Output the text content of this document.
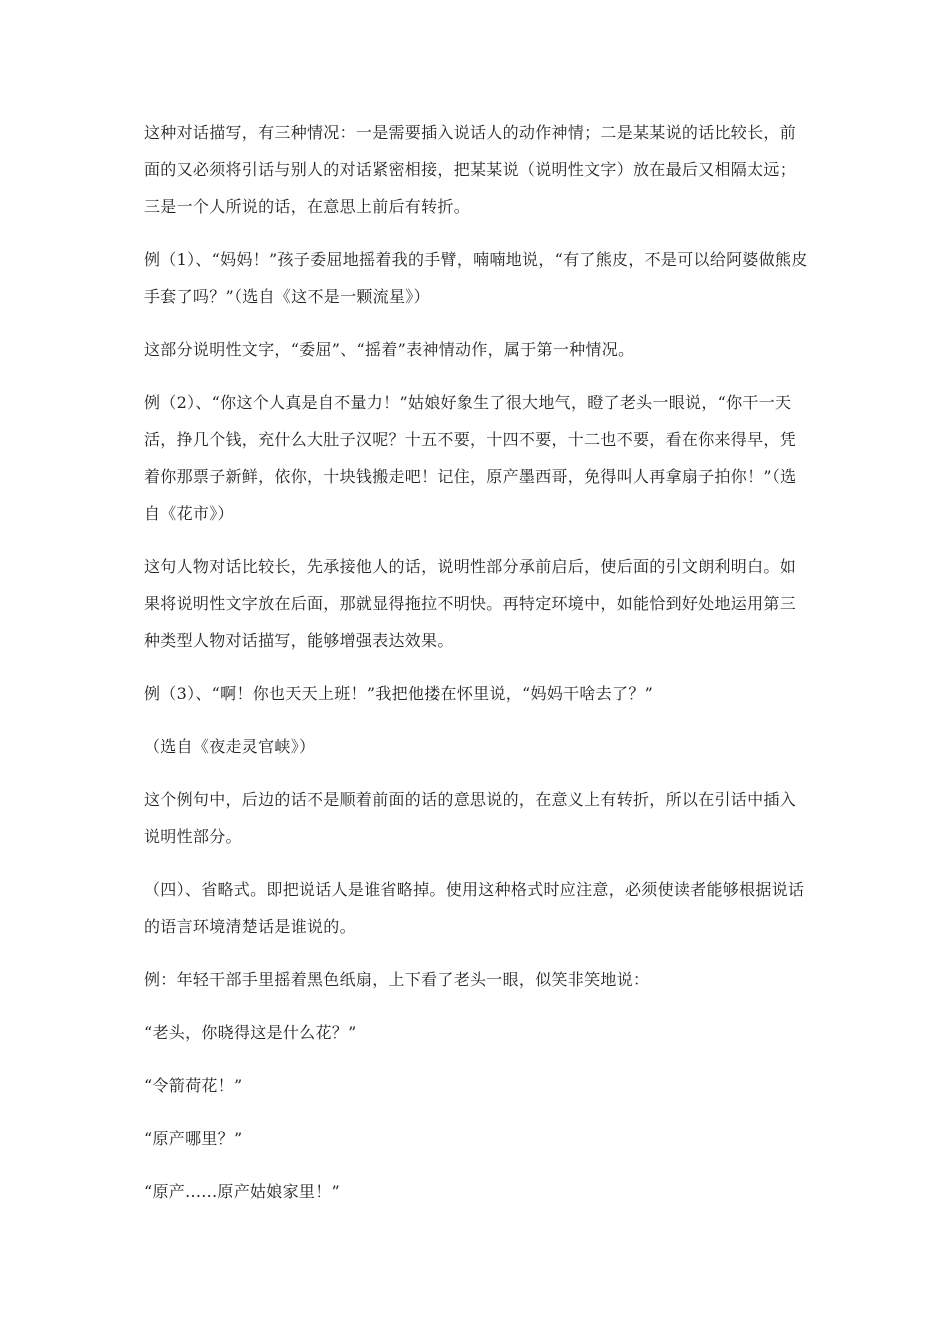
这种对话描写，有三种情况：一是需要插入说话人的动作神情；二是某某说的话比较长，前面的又必须将引话与别人的对话紧密相接，把某某说（说明性文字）放在最后又相隔太远；三是一个人所说的话，在意思上前后有转折。

例（1）、“妈妈！”孩子委屈地摇着我的手臂，喃喃地说，“有了熊皮，不是可以给阿婆做熊皮手套了吗？”（选自《这不是一颗流星》）

这部分说明性文字，“委屈”、“摇着”表神情动作，属于第一种情况。

例（2）、“你这个人真是自不量力！”姑娘好象生了很大地气，瞪了老头一眼说，“你干一天活，挣几个钱，充什么大肚子汉呢？十五不要，十四不要，十二也不要，看在你来得早，凭着你那票子新鲜，依你，十块钱搬走吧！记住，原产墨西哥，免得叫人再拿扇子拍你！”（选自《花市》）

这句人物对话比较长，先承接他人的话，说明性部分承前启后，使后面的引文朗利明白。如果将说明性文字放在后面，那就显得拖拉不明快。再特定环境中，如能恰到好处地运用第三种类型人物对话描写，能够增强表达效果。

例（3）、“啊！你也天天上班！”我把他搂在怀里说，“妈妈干啥去了？”

（选自《夜走灵官峡》）

这个例句中，后边的话不是顺着前面的话的意思说的，在意义上有转折，所以在引话中插入说明性部分。

（四）、省略式。即把说话人是谁省略掉。使用这种格式时应注意，必须使读者能够根据说话的语言环境清楚话是谁说的。

例：年轻干部手里摇着黑色纸扇，上下看了老头一眼，似笑非笑地说：

“老头，你晓得这是什么花？”

“令箭荷花！”

“原产哪里？”

“原产......原产姑娘家里！”
